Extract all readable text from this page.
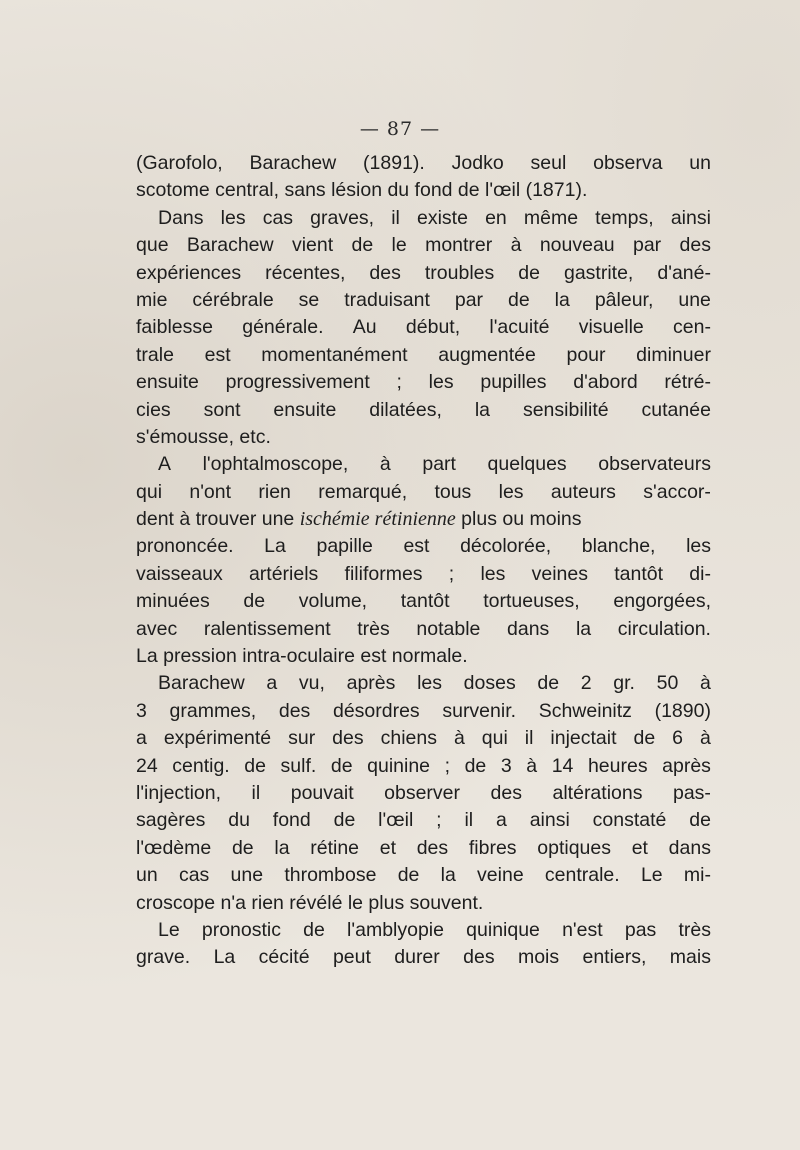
— 87 —
(Garofolo, Barachew (1891). Jodko seul observa un
scotome central, sans lésion du fond de l'œil (1871).
Dans les cas graves, il existe en même temps, ainsi
que Barachew vient de le montrer à nouveau par des
expériences récentes, des troubles de gastrite, d'ané-
mie cérébrale se traduisant par de la pâleur, une
faiblesse générale. Au début, l'acuité visuelle cen-
trale est momentanément augmentée pour diminuer
ensuite progressivement ; les pupilles d'abord rétré-
cies sont ensuite dilatées, la sensibilité cutanée
s'émousse, etc.
A l'ophtalmoscope, à part quelques observateurs
qui n'ont rien remarqué, tous les auteurs s'accor-
dent à trouver une ischémie rétinienne plus ou moins
prononcée. La papille est décolorée, blanche, les
vaisseaux artériels filiformes ; les veines tantôt di-
minuées de volume, tantôt tortueuses, engorgées,
avec ralentissement très notable dans la circulation.
La pression intra-oculaire est normale.
Barachew a vu, après les doses de 2 gr. 50 à
3 grammes, des désordres survenir. Schweinitz (1890)
a expérimenté sur des chiens à qui il injectait de 6 à
24 centig. de sulf. de quinine ; de 3 à 14 heures après
l'injection, il pouvait observer des altérations pas-
sagères du fond de l'œil ; il a ainsi constaté de
l'œdème de la rétine et des fibres optiques et dans
un cas une thrombose de la veine centrale. Le mi-
croscope n'a rien révélé le plus souvent.
Le pronostic de l'amblyopie quinique n'est pas très
grave. La cécité peut durer des mois entiers, mais
